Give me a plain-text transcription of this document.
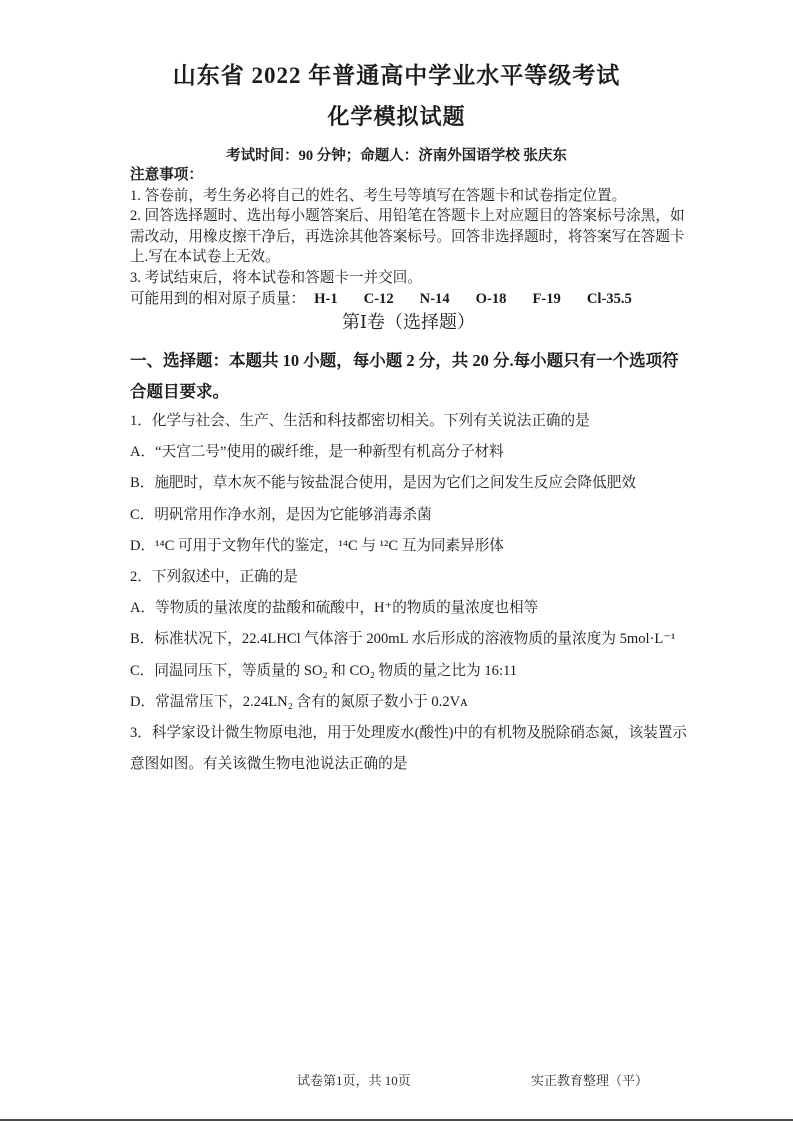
山东省 2022 年普通高中学业水平等级考试
化学模拟试题
考试时间：90 分钟；命题人：济南外国语学校 张庆东
注意事项：
1. 答卷前，考生务必将自己的姓名、考生号等填写在答题卡和试卷指定位置。
2. 回答选择题时、选出每小题答案后、用铅笔在答题卡上对应题目的答案标号涂黑，如
需改动，用橡皮擦干净后，再选涂其他答案标号。回答非选择题时，将答案写在答题卡
上.写在本试卷上无效。
3. 考试结束后，将本试卷和答题卡一并交回。
可能用到的相对原子质量： H-1 C-12 N-14 O-18 F-19 Cl-35.5
第Ⅰ卷（选择题）
一、选择题：本题共 10 小题，每小题 2 分，共 20 分.每小题只有一个选项符
合题目要求。
1．化学与社会、生产、生活和科技都密切相关。下列有关说法正确的是
A．“天宫二号”使用的碳纤维，是一种新型有机高分子材料
B．施肥时，草木灰不能与铵盐混合使用，是因为它们之间发生反应会降低肥效
C．明矾常用作净水剂，是因为它能够消毒杀菌
D．¹⁴C 可用于文物年代的鉴定，¹⁴C 与 ¹²C 互为同素异形体
2．下列叙述中，正确的是
A．等物质的量浓度的盐酸和硫酸中，H⁺的物质的量浓度也相等
B．标准状况下，22.4LHCl 气体溶于 200mL 水后形成的溶液物质的量浓度为 5mol·L⁻¹
C．同温同压下，等质量的 SO₂ 和 CO₂ 物质的量之比为 16:11
D．常温常压下，2.24LN₂ 含有的氮原子数小于 0.2Vᴀ
3．科学家设计微生物原电池，用于处理废水(酸性)中的有机物及脱除硝态氮，该装置示
意图如图。有关该微生物电池说法正确的是
试卷第1页，共 10页	实正教育整理（平）
